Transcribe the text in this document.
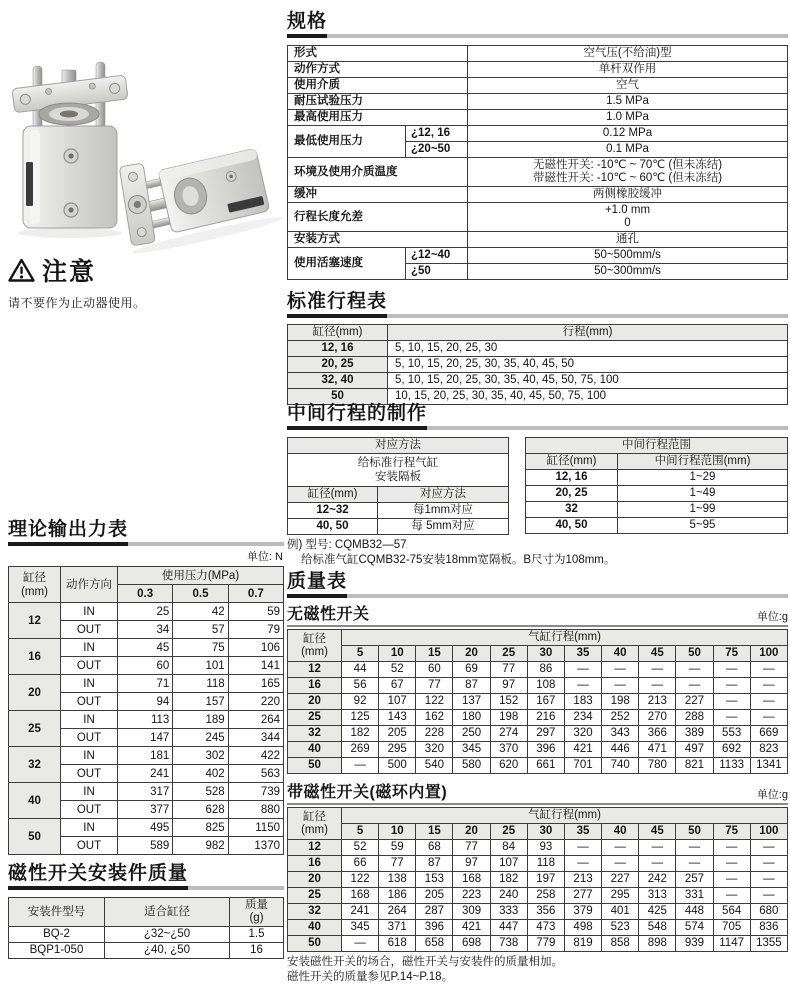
注意
请不要作为止动器使用。
理论输出力表
单位: N
缸径
(mm)	动作方向	使用压力(MPa)		
		0.3	0.5	0.7
12	IN	25	42	59
	OUT	34	57	79
16	IN	45	75	106
	OUT	60	101	141
20	IN	71	118	165
	OUT	94	157	220
25	IN	113	189	264
	OUT	147	245	344
32	IN	181	302	422
	OUT	241	402	563
40	IN	317	528	739
	OUT	377	628	880
50	IN	495	825	1150
	OUT	589	982	1370
磁性开关安装件质量
安装件型号	适合缸径	质量
(g)

BQ-2	¿32~¿50	1.5
BQP1-050	¿40, ¿50	16
规格
形式		空气压(不给油)型
动作方式		单杆双作用
使用介质		空气
耐压试验压力		1.5 MPa
最高使用压力		1.0 MPa
最低使用压力	¿12, 16	0.12 MPa
	¿20~50	0.1 MPa
环境及使用介质温度		无磁性开关: -10℃ ~ 70℃ (但未冻结)
带磁性开关: -10℃ ~ 60℃ (但未冻结)

缓冲		两侧橡胶缓冲
行程长度允差		+1.0 mm
0

安装方式		通孔
使用活塞速度	¿12~40	50~500mm/s
	¿50	50~300mm/s
标准行程表
缸径(mm)	行程(mm)
12, 16	5, 10, 15, 20, 25, 30
20, 25	5, 10, 15, 20, 25, 30, 35, 40, 45, 50
32, 40	5, 10, 15, 20, 25, 30, 35, 40, 45, 50, 75, 100
50	10, 15, 20, 25, 30, 35, 40, 45, 50, 75, 100
中间行程的制作
对应方法	

给标准行程气缸
安装隔板	

缸径(mm)	对应方法
12~32	每1mm对应
40, 50	每 5mm对应
中间行程范围	
缸径(mm)	中间行程范围(mm)
12, 16	1~29
20, 25	1~49
32	1~99
40, 50	5~95
例) 型号: CQMB32—57
给标准气缸CQMB32-75安装18mm宽隔板。B尺寸为108mm。
质量表
无磁性开关	单位:g
缸径
(mm)	气缸行程(mm)											
	5	10	15	20	25	30	35	40	45	50	75	100
12	44	52	60	69	77	86	—	—	—	—	—	—
16	56	67	77	87	97	108	—	—	—	—	—	—
20	92	107	122	137	152	167	183	198	213	227	—	—
25	125	143	162	180	198	216	234	252	270	288	—	—
32	182	205	228	250	274	297	320	343	366	389	553	669
40	269	295	320	345	370	396	421	446	471	497	692	823
50	—	500	540	580	620	661	701	740	780	821	1133	1341
带磁性开关(磁环内置)	单位:g
缸径
(mm)	气缸行程(mm)											
	5	10	15	20	25	30	35	40	45	50	75	100
12	52	59	68	77	84	93	—	—	—	—	—	—
16	66	77	87	97	107	118	—	—	—	—	—	—
20	122	138	153	168	182	197	213	227	242	257	—	—
25	168	186	205	223	240	258	277	295	313	331	—	—
32	241	264	287	309	333	356	379	401	425	448	564	680
40	345	371	396	421	447	473	498	523	548	574	705	836
50	—	618	658	698	738	779	819	858	898	939	1147	1355
安装磁性开关的场合，磁性开关与安装件的质量相加。
磁性开关的质量参见P.14~P.18。
